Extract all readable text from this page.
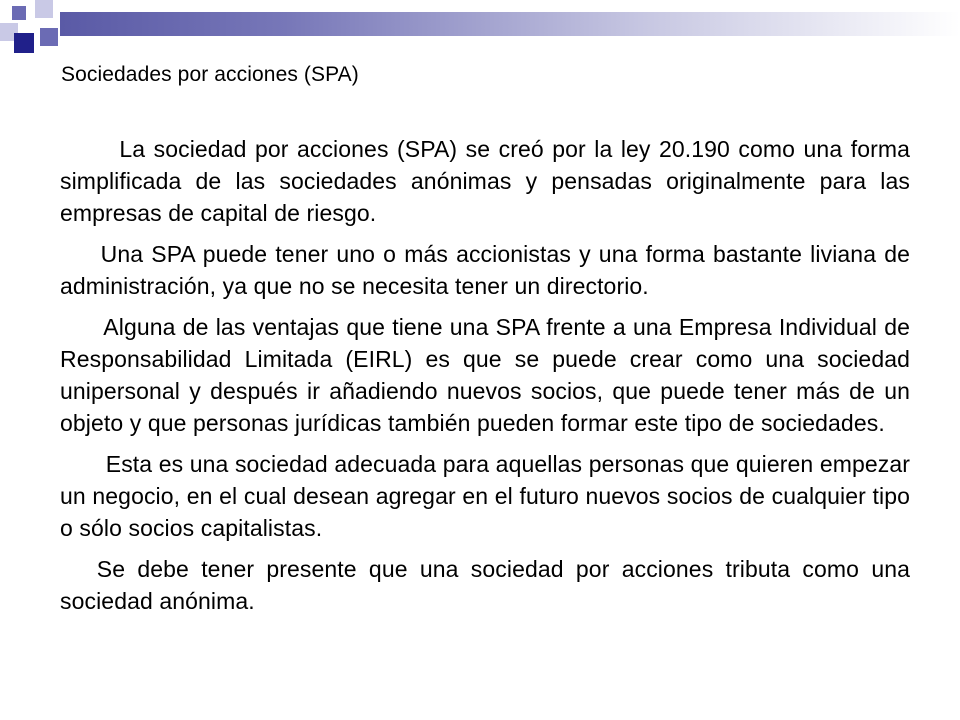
Sociedades por acciones (SPA)

La sociedad por acciones (SPA) se creó por la ley 20.190 como una forma simplificada de las sociedades anónimas y pensadas originalmente para las empresas de capital de riesgo.

Una SPA puede tener uno o más accionistas y una forma bastante liviana de administración, ya que no se necesita tener un directorio.

Alguna de las ventajas que tiene una SPA frente a una Empresa Individual de Responsabilidad Limitada (EIRL) es que se puede crear como una sociedad unipersonal y después ir añadiendo nuevos socios, que puede tener más de un objeto y que personas jurídicas también pueden formar este tipo de sociedades.

Esta es una sociedad adecuada para aquellas personas que quieren empezar un negocio, en el cual desean agregar en el futuro nuevos socios de cualquier tipo o sólo socios capitalistas.

Se debe tener presente que una sociedad por acciones tributa como una sociedad anónima.
